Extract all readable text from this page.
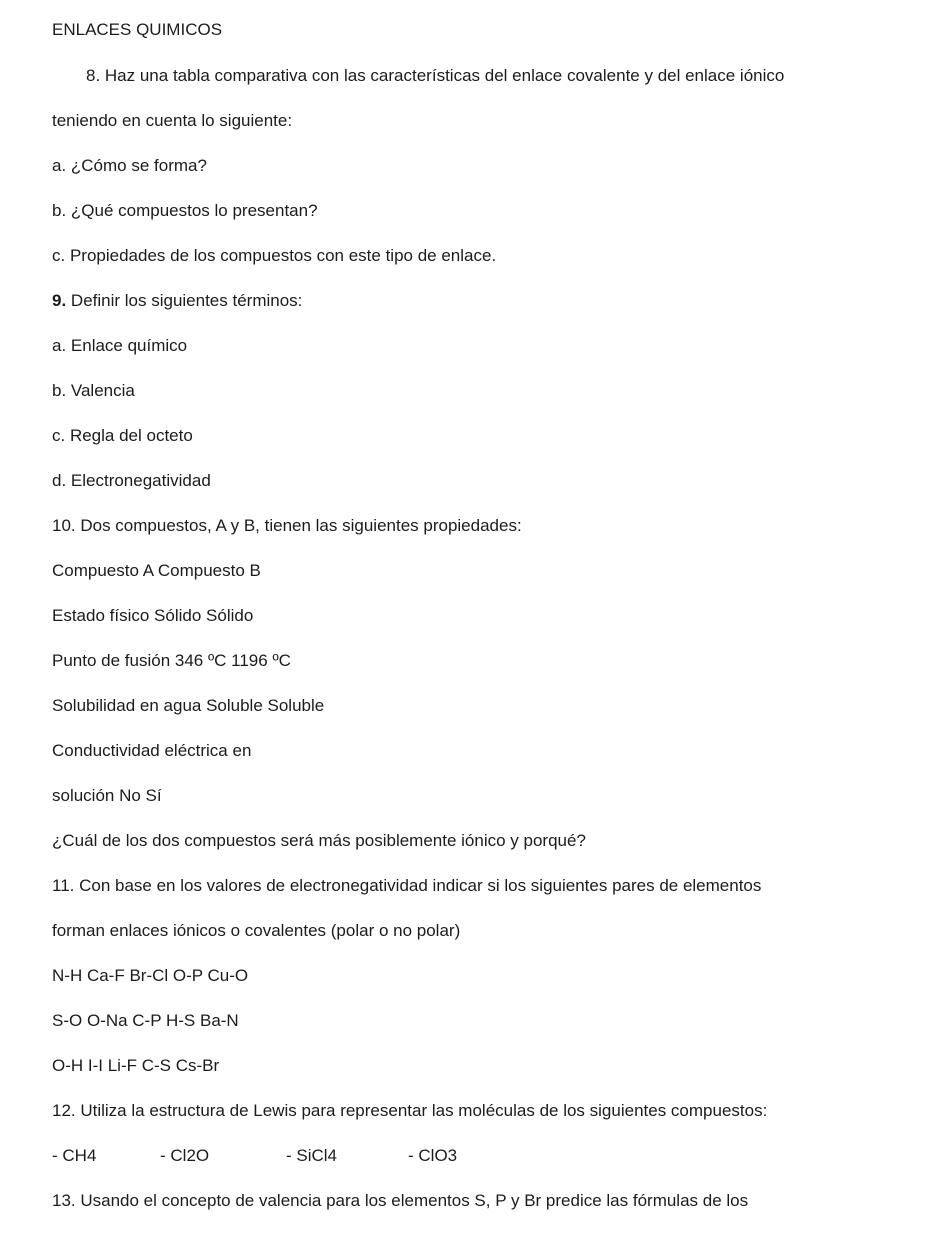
ENLACES QUIMICOS
8. Haz una tabla comparativa con las características del enlace covalente y del enlace iónico
teniendo en cuenta lo siguiente:
a. ¿Cómo se forma?
b. ¿Qué compuestos lo presentan?
c. Propiedades de los compuestos con este tipo de enlace.
9. Definir los siguientes términos:
a. Enlace químico
b. Valencia
c. Regla del octeto
d. Electronegatividad
10. Dos compuestos, A y B, tienen las siguientes propiedades:
Compuesto A Compuesto B
Estado físico Sólido Sólido
Punto de fusión 346 ºC 1196 ºC
Solubilidad en agua Soluble Soluble
Conductividad eléctrica en
solución No Sí
¿Cuál de los dos compuestos será más posiblemente iónico y porqué?
11. Con base en los valores de electronegatividad indicar si los siguientes pares de elementos
forman enlaces iónicos o covalentes (polar o no polar)
N-H Ca-F Br-Cl O-P Cu-O
S-O O-Na C-P H-S Ba-N
O-H I-I Li-F C-S Cs-Br
12. Utiliza la estructura de Lewis para representar las moléculas de los siguientes compuestos:
- CH4	- Cl2O	- SiCl4	- ClO3
13. Usando el concepto de valencia para los elementos S, P y Br predice las fórmulas de los
